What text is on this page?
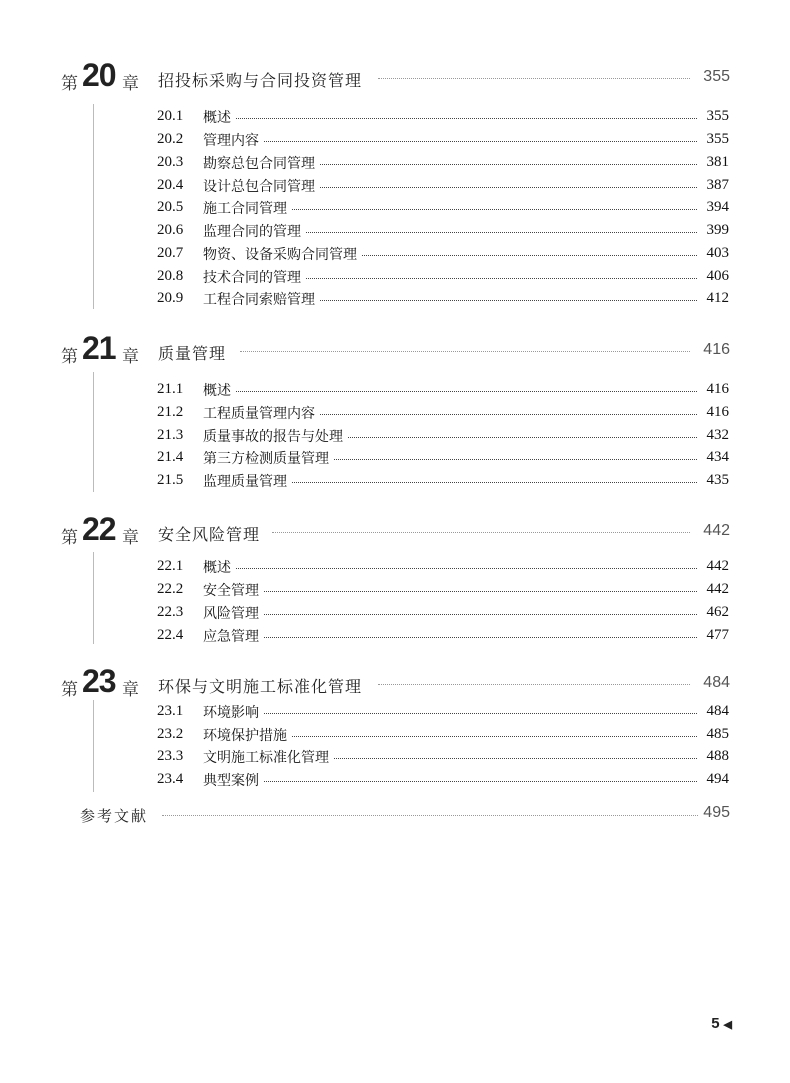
第 20 章 招投标采购与合同投资管理	355
20.1 概述	355
20.2 管理内容	355
20.3 勘察总包合同管理	381
20.4 设计总包合同管理	387
20.5 施工合同管理	394
20.6 监理合同的管理	399
20.7 物资、设备采购合同管理	403
20.8 技术合同的管理	406
20.9 工程合同索赔管理	412
第 21 章 质量管理	416
21.1 概述	416
21.2 工程质量管理内容	416
21.3 质量事故的报告与处理	432
21.4 第三方检测质量管理	434
21.5 监理质量管理	435
第 22 章 安全风险管理	442
22.1 概述	442
22.2 安全管理	442
22.3 风险管理	462
22.4 应急管理	477
第 23 章 环保与文明施工标准化管理	484
23.1 环境影响	484
23.2 环境保护措施	485
23.3 文明施工标准化管理	488
23.4 典型案例	494
参考文献	495
5 ◀
